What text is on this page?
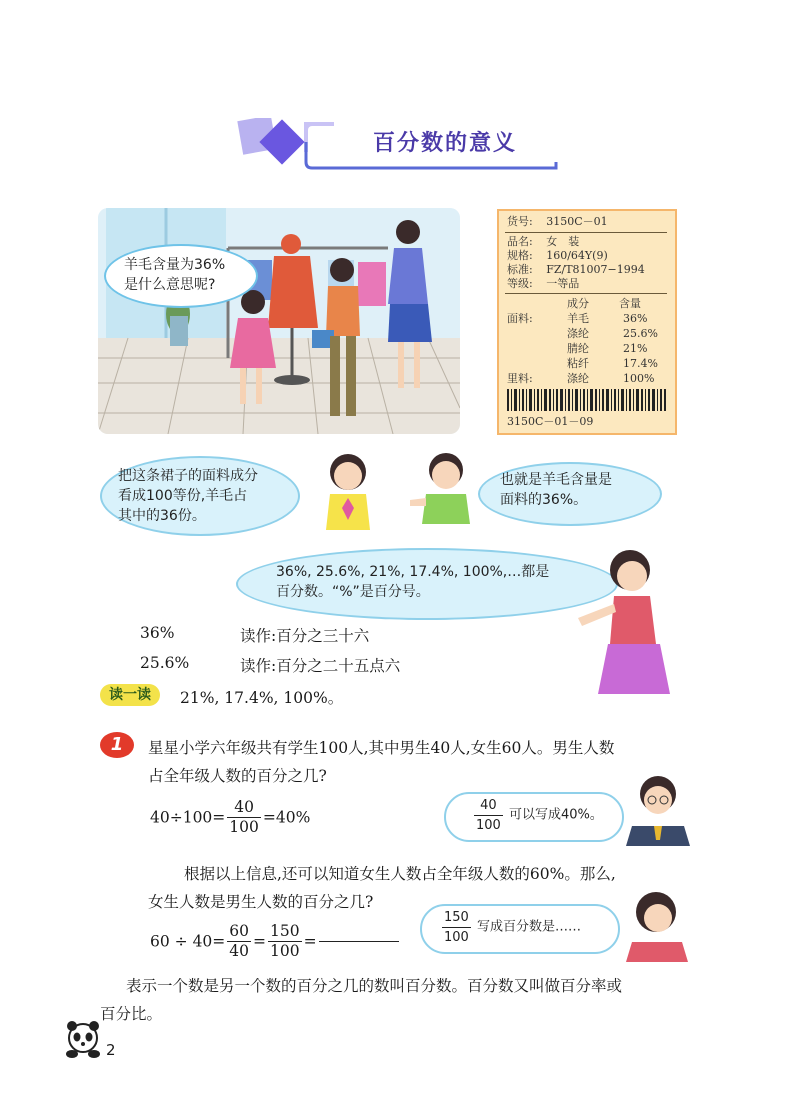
百分数的意义
羊毛含量为36%
是什么意思呢?
货号: 3150C－01
品名: 女　装
规格: 160/64Y(9)
标准: FZ/T81007−1994
等级: 一等品
成分	含量
面料:	羊毛	36%
涤纶	25.6%
腈纶	21%
粘纤	17.4%
里料:	涤纶	100%
3150C－01－09
把这条裙子的面料成分
看成100等份,羊毛占
其中的36份。
也就是羊毛含量是
面料的36%。
36%, 25.6%, 21%, 17.4%, 100%,…都是
百分数。“%”是百分号。
36%	读作:百分之三十六
25.6%	读作:百分之二十五点六
读一读	21%, 17.4%, 100%。
1	星星小学六年级共有学生100人,其中男生40人,女生60人。男生人数
占全年级人数的百分之几?
$40\div 100= \frac{40}{100} =40\%$	$\frac{40}{100}$ 可以写成40%。
根据以上信息,还可以知道女生人数占全年级人数的60%。那么,
女生人数是男生人数的百分之几?
$60 \div 40= \frac{60}{40} = \frac{150}{100}$ =	$\frac{150}{100}$ 写成百分数是……
表示一个数是另一个数的百分之几的数叫百分数。百分数又叫做百分率或
百分比。
2
